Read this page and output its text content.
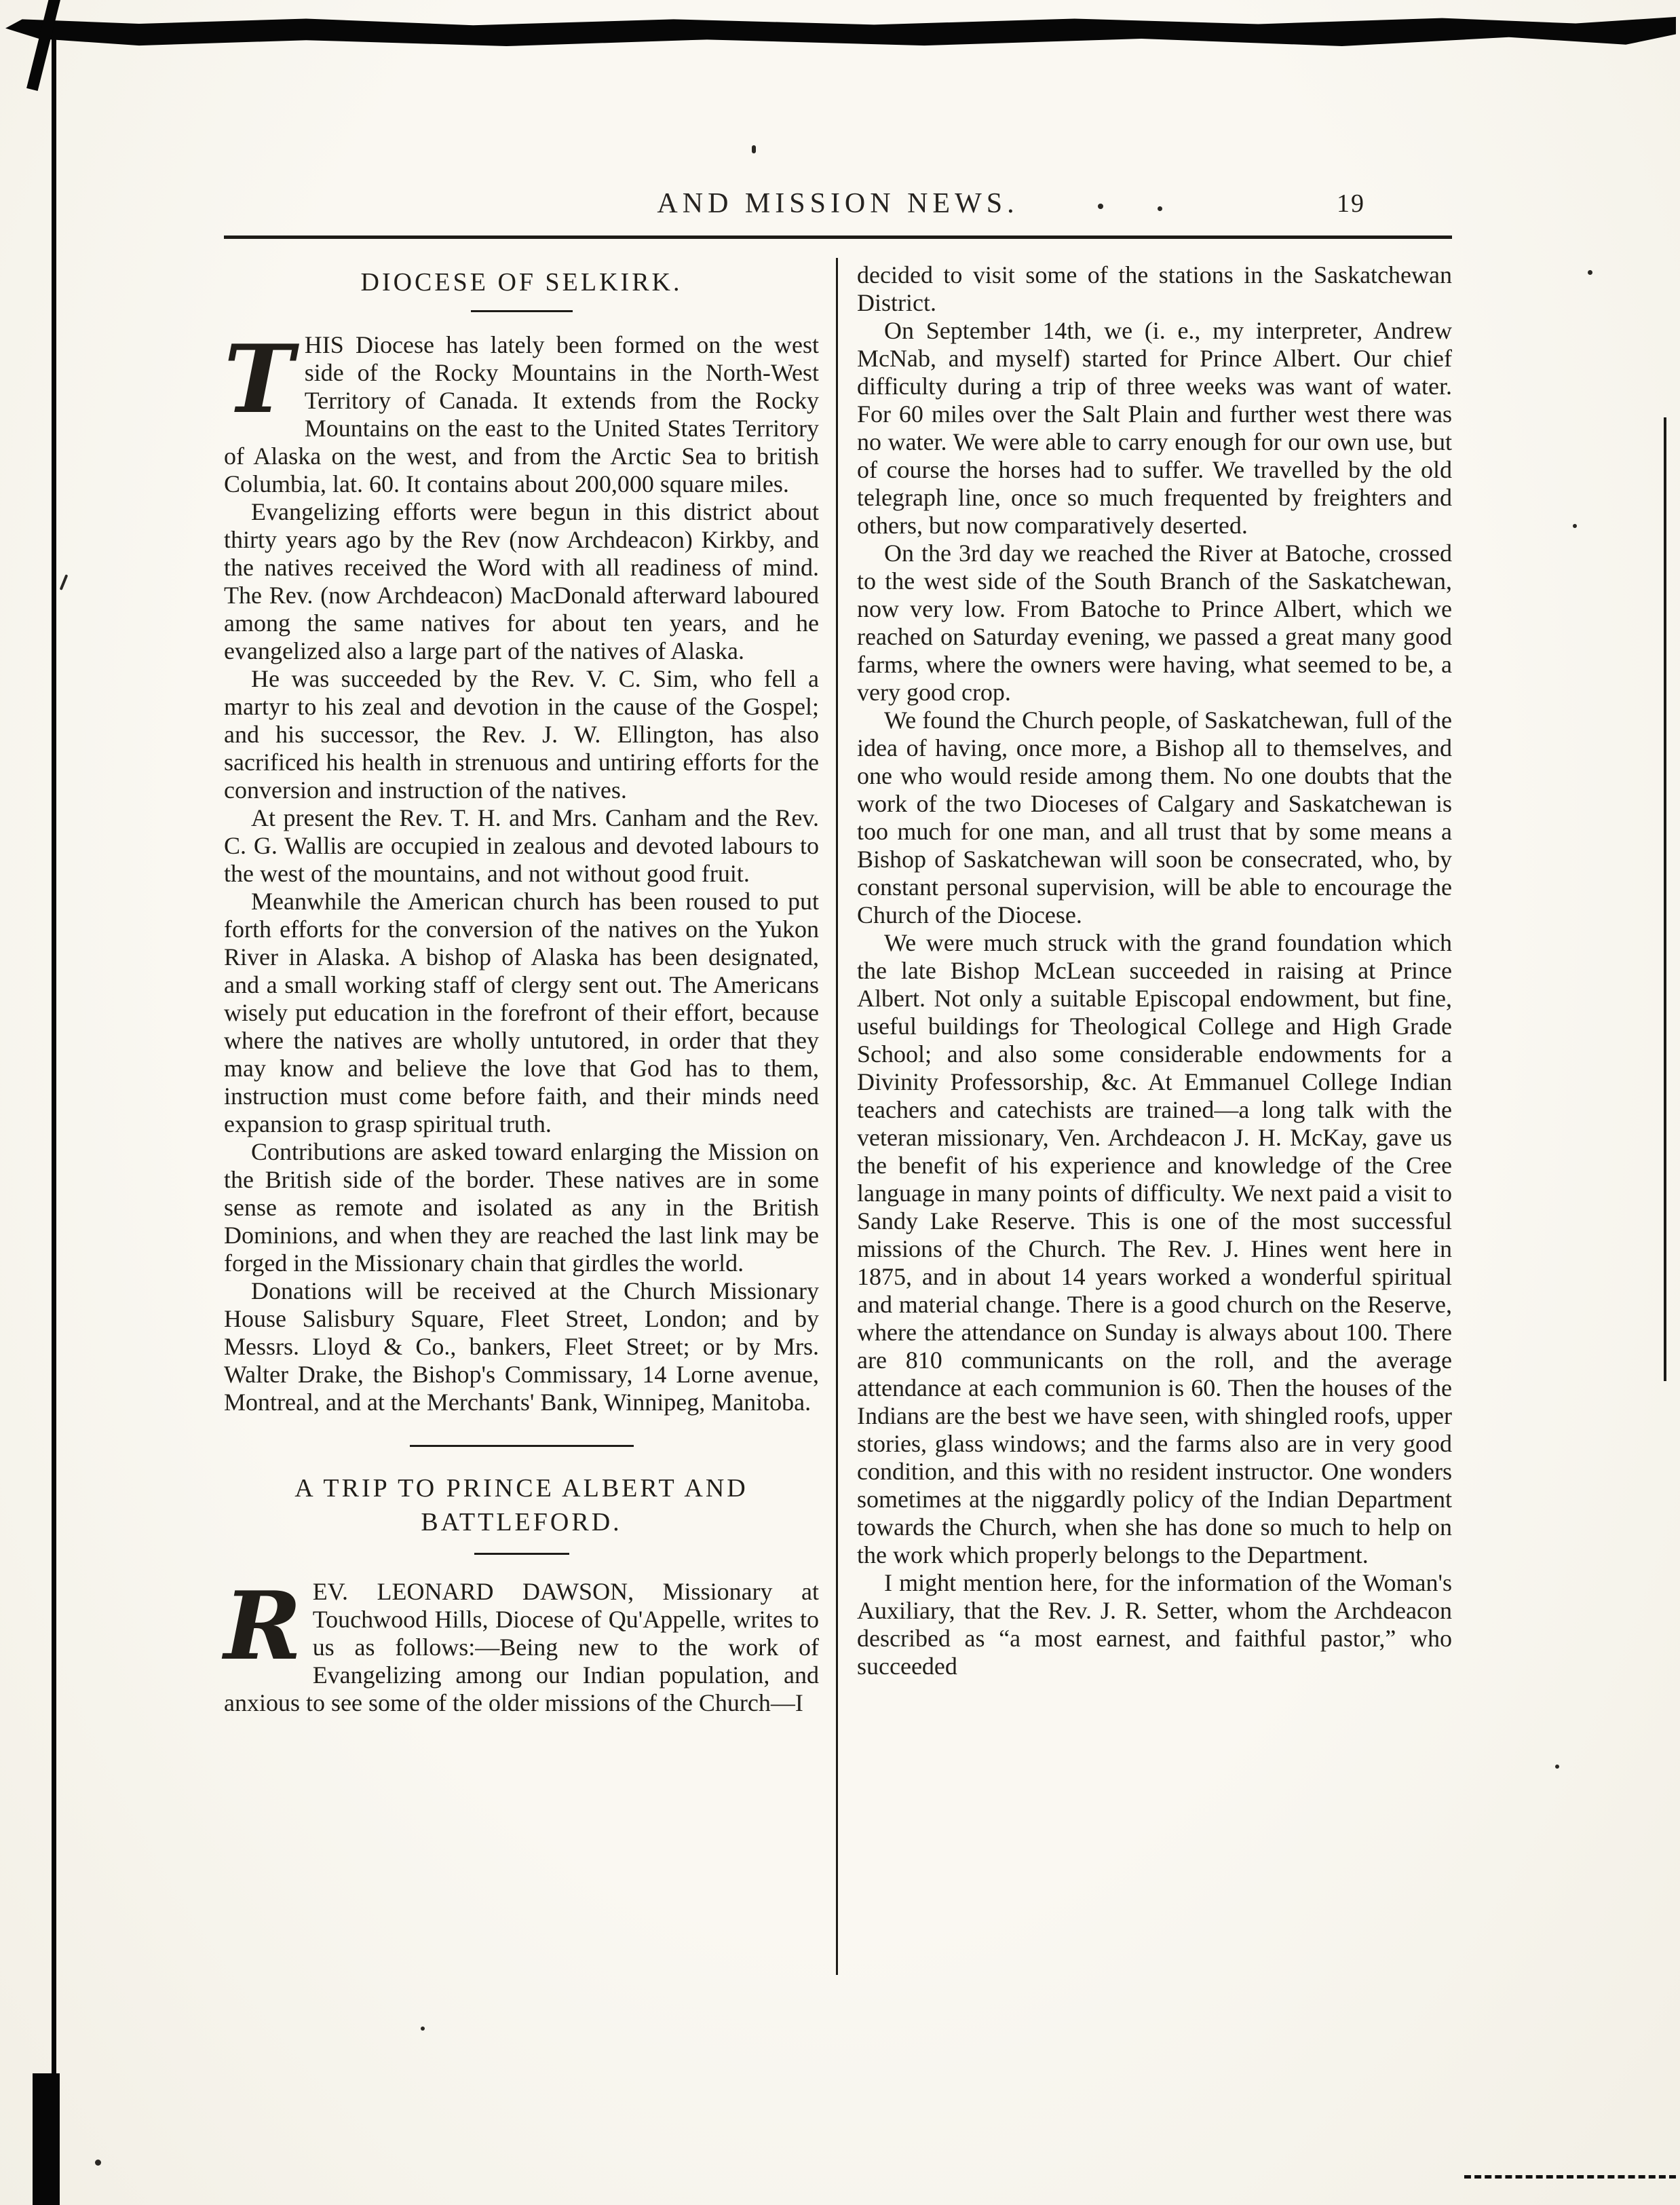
AND MISSION NEWS.	19
DIOCESE OF SELKIRK.

THIS Diocese has lately been formed on the west side of the Rocky Mountains in the North-West Territory of Canada. It extends from the Rocky Mountains on the east to the United States Territory of Alaska on the west, and from the Arctic Sea to british Columbia, lat. 60. It contains about 200,000 square miles.

Evangelizing efforts were begun in this district about thirty years ago by the Rev (now Archdeacon) Kirkby, and the natives received the Word with all readiness of mind. The Rev. (now Archdeacon) MacDonald afterward laboured among the same natives for about ten years, and he evangelized also a large part of the natives of Alaska.

He was succeeded by the Rev. V. C. Sim, who fell a martyr to his zeal and devotion in the cause of the Gospel; and his successor, the Rev. J. W. Ellington, has also sacrificed his health in strenuous and untiring efforts for the conversion and instruction of the natives.

At present the Rev. T. H. and Mrs. Canham and the Rev. C. G. Wallis are occupied in zealous and devoted labours to the west of the mountains, and not without good fruit.

Meanwhile the American church has been roused to put forth efforts for the conversion of the natives on the Yukon River in Alaska. A bishop of Alaska has been designated, and a small working staff of clergy sent out. The Americans wisely put education in the forefront of their effort, because where the natives are wholly untutored, in order that they may know and believe the love that God has to them, instruction must come before faith, and their minds need expansion to grasp spiritual truth.

Contributions are asked toward enlarging the Mission on the British side of the border. These natives are in some sense as remote and isolated as any in the British Dominions, and when they are reached the last link may be forged in the Missionary chain that girdles the world.

Donations will be received at the Church Missionary House Salisbury Square, Fleet Street, London; and by Messrs. Lloyd & Co., bankers, Fleet Street; or by Mrs. Walter Drake, the Bishop's Commissary, 14 Lorne avenue, Montreal, and at the Merchants' Bank, Winnipeg, Manitoba.

A TRIP TO PRINCE ALBERT AND
BATTLEFORD.

REV. LEONARD DAWSON, Missionary at Touchwood Hills, Diocese of Qu'Appelle, writes to us as follows:—Being new to the work of Evangelizing among our Indian population, and anxious to see some of the older missions of the Church—I

decided to visit some of the stations in the Saskatchewan District.

On September 14th, we (i. e., my interpreter, Andrew McNab, and myself) started for Prince Albert. Our chief difficulty during a trip of three weeks was want of water. For 60 miles over the Salt Plain and further west there was no water. We were able to carry enough for our own use, but of course the horses had to suffer. We travelled by the old telegraph line, once so much frequented by freighters and others, but now comparatively deserted.

On the 3rd day we reached the River at Batoche, crossed to the west side of the South Branch of the Saskatchewan, now very low. From Batoche to Prince Albert, which we reached on Saturday evening, we passed a great many good farms, where the owners were having, what seemed to be, a very good crop.

We found the Church people, of Saskatchewan, full of the idea of having, once more, a Bishop all to themselves, and one who would reside among them. No one doubts that the work of the two Dioceses of Calgary and Saskatchewan is too much for one man, and all trust that by some means a Bishop of Saskatchewan will soon be consecrated, who, by constant personal supervision, will be able to encourage the Church of the Diocese.

We were much struck with the grand foundation which the late Bishop McLean succeeded in raising at Prince Albert. Not only a suitable Episcopal endowment, but fine, useful buildings for Theological College and High Grade School; and also some considerable endowments for a Divinity Professorship, &c. At Emmanuel College Indian teachers and catechists are trained—a long talk with the veteran missionary, Ven. Archdeacon J. H. McKay, gave us the benefit of his experience and knowledge of the Cree language in many points of difficulty. We next paid a visit to Sandy Lake Reserve. This is one of the most successful missions of the Church. The Rev. J. Hines went here in 1875, and in about 14 years worked a wonderful spiritual and material change. There is a good church on the Reserve, where the attendance on Sunday is always about 100. There are 810 communicants on the roll, and the average attendance at each communion is 60. Then the houses of the Indians are the best we have seen, with shingled roofs, upper stories, glass windows; and the farms also are in very good condition, and this with no resident instructor. One wonders sometimes at the niggardly policy of the Indian Department towards the Church, when she has done so much to help on the work which properly belongs to the Department.

I might mention here, for the information of the Woman's Auxiliary, that the Rev. J. R. Setter, whom the Archdeacon described as “a most earnest, and faithful pastor,” who succeeded
